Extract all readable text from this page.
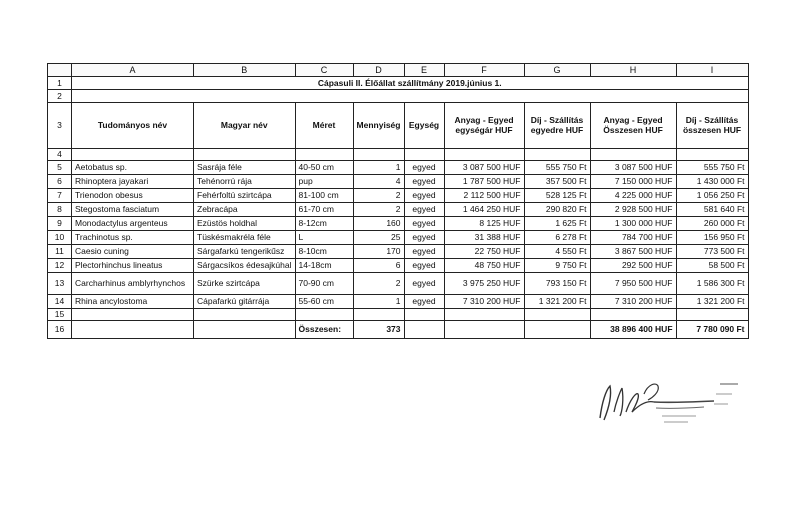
	A	B	C	D	E	F	G	H	I
1	Cápasuli II. Élőállat szállítmány 2019.június 1.								
2									
3	Tudományos név	Magyar név	Méret	Mennyiség	Egység	Anyag - Egyed egységár HUF	Díj - Szállítás egyedre HUF	Anyag - Egyed Összesen HUF	Díj - Szállítás összesen HUF
4									
5	Aetobatus sp.	Sasrája féle	40-50 cm	1	egyed	3 087 500 HUF	555 750 Ft	3 087 500 HUF	555 750 Ft
6	Rhinoptera jayakari	Tehénorrú rája	pup	4	egyed	1 787 500 HUF	357 500 Ft	7 150 000 HUF	1 430 000 Ft
7	Trienodon obesus	Fehérfoltú szirtcápa	81-100 cm	2	egyed	2 112 500 HUF	528 125 Ft	4 225 000 HUF	1 056 250 Ft
8	Stegostoma fasciatum	Zebracápa	61-70 cm	2	egyed	1 464 250 HUF	290 820 Ft	2 928 500 HUF	581 640 Ft
9	Monodactylus argenteus	Ezüstös holdhal	8-12cm	160	egyed	8 125 HUF	1 625 Ft	1 300 000 HUF	260 000 Ft
10	Trachinotus sp.	Tüskésmakréla féle	L	25	egyed	31 388 HUF	6 278 Ft	784 700 HUF	156 950 Ft
11	Caesio cuning	Sárgafarkú tengerikűsz	8-10cm	170	egyed	22 750 HUF	4 550 Ft	3 867 500 HUF	773 500 Ft
12	Plectorhinchus lineatus	Sárgacsíkos édesajkúhal	14-18cm	6	egyed	48 750 HUF	9 750 Ft	292 500 HUF	58 500 Ft
13	Carcharhinus amblyrhynchos	Szürke szirtcápa	70-90 cm	2	egyed	3 975 250 HUF	793 150 Ft	7 950 500 HUF	1 586 300 Ft
14	Rhina ancylostoma	Cápafarkú gitárrája	55-60 cm	1	egyed	7 310 200 HUF	1 321 200 Ft	7 310 200 HUF	1 321 200 Ft
15									
16			Összesen:	373				38 896 400 HUF	7 780 090 Ft
